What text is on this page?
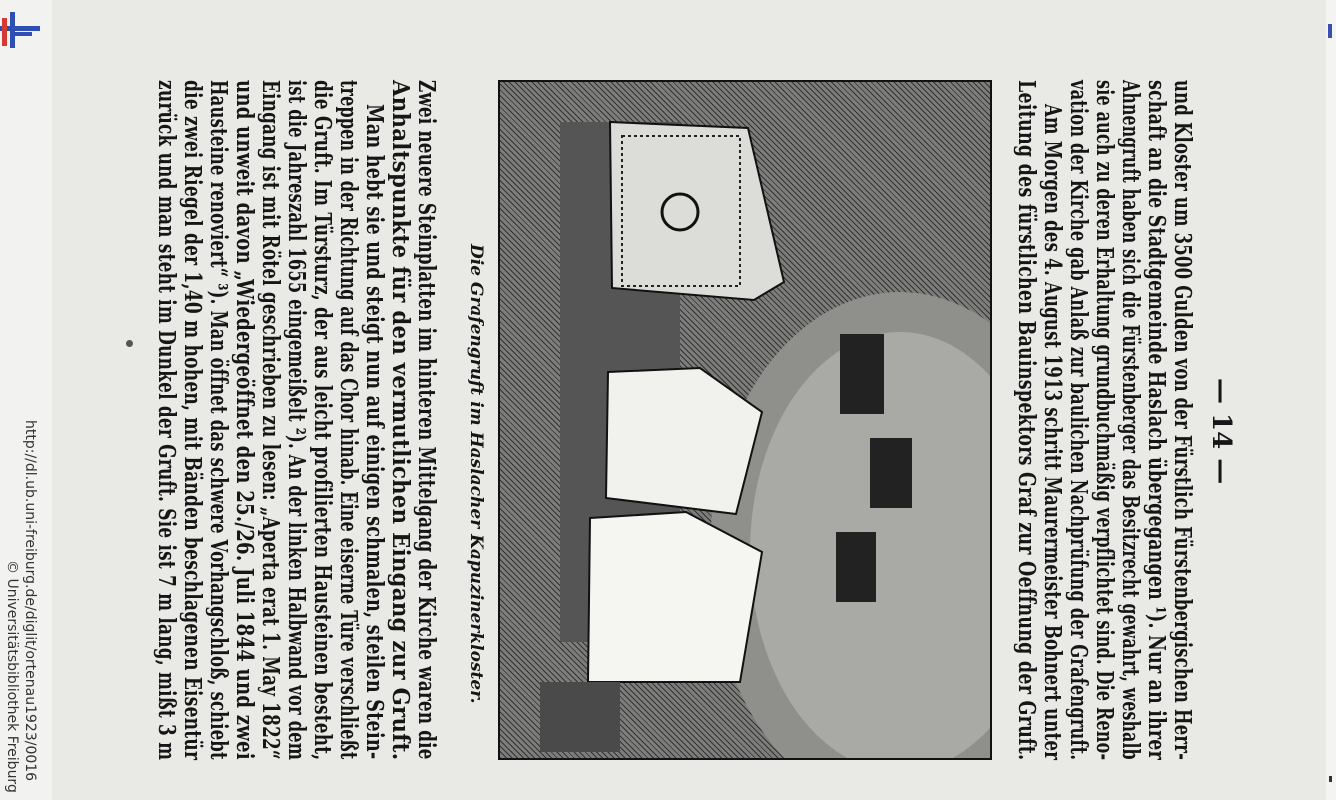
http://dl.ub.uni-freiburg.de/diglit/ortenau1923/0016
© Universitätsbibliothek Freiburg
— 14 —
und Kloster um 3500 Gulden von der Fürstlich Fürstenbergischen Herr-
schaft an die Stadtgemeinde Haslach übergegangen ¹). Nur an ihrer
Ahnengruft haben sich die Fürstenberger das Besitzrecht gewahrt, weshalb
sie auch zu deren Erhaltung grundbuchmäßig verpflichtet sind. Die Reno-
vation der Kirche gab Anlaß zur baulichen Nachprüfung der Grafengruft.
Am Morgen des 4. August 1913 schritt Maurermeister Bohnert unter
Leitung des fürstlichen Bauinspektors Graf zur Oeffnung der Gruft.
Die Grafengruft im Haslacher Kapuzinerkloster.
Zwei neuere Steinplatten im hinteren Mittelgang der Kirche waren die
Anhaltspunkte für den vermutlichen Eingang zur Gruft.
Man hebt sie und steigt nun auf einigen schmalen, steilen Stein-
treppen in der Richtung auf das Chor hinab. Eine eiserne Türe verschließt
die Gruft. Im Türsturz, der aus leicht profilierten Hausteinen besteht,
ist die Jahreszahl 1655 eingemeißelt ²). An der linken Halbwand vor dem
Eingang ist mit Rötel geschrieben zu lesen: „Aperta erat 1. May 1822“
und unweit davon „Wiedergeöffnet den 25./26. Juli 1844 und zwei
Hausteine renoviert“ ³). Man öffnet das schwere Vorhangschloß, schiebt
die zwei Riegel der 1,40 m hohen, mit Bänden beschlagenen Eisentür
zurück und man steht im Dunkel der Gruft. Sie ist 7 m lang, mißt 3 m
